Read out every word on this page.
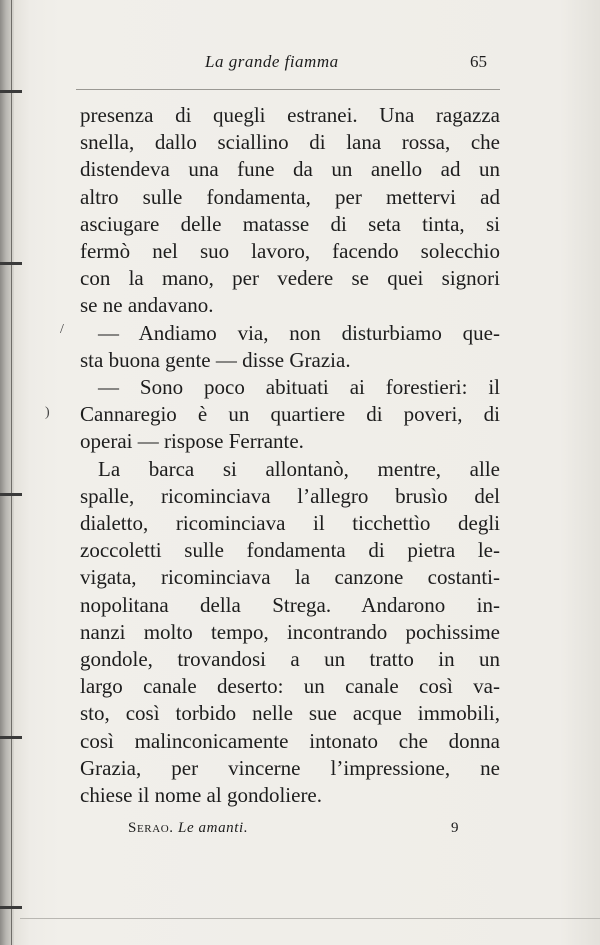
/
)
La grande fiamma	65
presenza di quegli estranei. Una ragazza
snella, dallo sciallino di lana rossa, che
distendeva una fune da un anello ad un
altro sulle fondamenta, per mettervi ad
asciugare delle matasse di seta tinta, si
fermò nel suo lavoro, facendo solecchio
con la mano, per vedere se quei signori
se ne andavano.
— Andiamo via, non disturbiamo que-
sta buona gente — disse Grazia.
— Sono poco abituati ai forestieri: il
Cannaregio è un quartiere di poveri, di
operai — rispose Ferrante.
La barca si allontanò, mentre, alle
spalle, ricominciava l’allegro brusìo del
dialetto, ricominciava il ticchettìo degli
zoccoletti sulle fondamenta di pietra le-
vigata, ricominciava la canzone costanti-
nopolitana della Strega. Andarono in-
nanzi molto tempo, incontrando pochissime
gondole, trovandosi a un tratto in un
largo canale deserto: un canale così va-
sto, così torbido nelle sue acque immobili,
così malinconicamente intonato che donna
Grazia, per vincerne l’impressione, ne
chiese il nome al gondoliere.
Serao. Le amanti.	9
